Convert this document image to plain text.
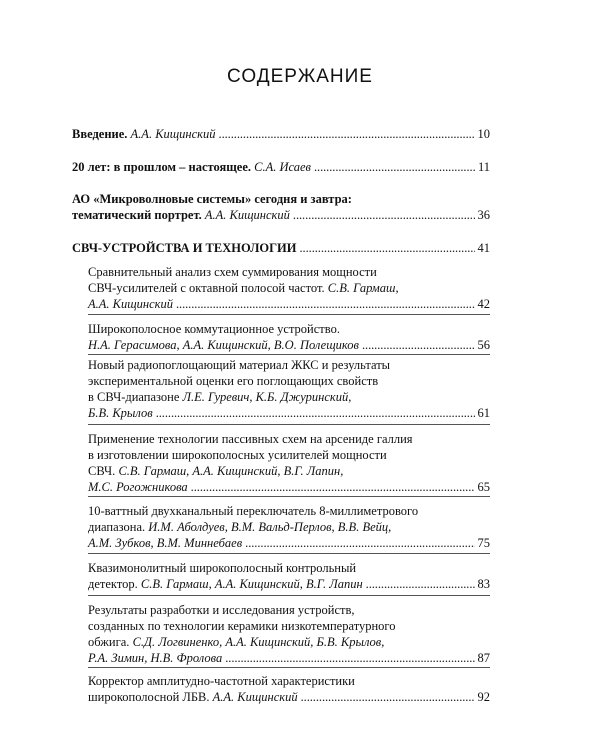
СОДЕРЖАНИЕ
Введение.
А.А. Кищинский . . .	10
20 лет: в прошлом – настоящее.
С.А. Исаев . . .	11
АО «Микроволновые системы» сегодня и завтра:
тематический портрет.
А.А. Кищинский . . .	36
СВЧ-УСТРОЙСТВА И ТЕХНОЛОГИИ . . .	41
Сравнительный анализ схем суммирования мощности
СВЧ-усилителей с октавной полосой частот. С.В. Гармаш,
А.А. Кищинский . . .	42
Широкополосное коммутационное устройство.
Н.А. Герасимова, А.А. Кищинский, В.О. Полещиков . . .	56
Новый радиопоглощающий материал ЖКС и результаты
экспериментальной оценки его поглощающих свойств
в СВЧ-диапазоне Л.Е. Гуревич, К.Б. Джуринский,
Б.В. Крылов . . .	61
Применение технологии пассивных схем на арсениде галлия
в изготовлении широкополосных усилителей мощности
СВЧ. С.В. Гармаш, А.А. Кищинский, В.Г. Лапин,
М.С. Рогожникова . . .	65
10-ваттный двухканальный переключатель 8-миллиметрового
диапазона. И.М. Аболдуев, В.М. Вальд-Перлов, В.В. Вейц,
А.М. Зубков, В.М. Миннебаев . . .	75
Квазимонолитный широкополосный контрольный
детектор.
С.В. Гармаш, А.А. Кищинский, В.Г. Лапин . . .	83
Результаты разработки и исследования устройств,
созданных по технологии керамики низкотемпературного
обжига. С.Д. Логвиненко, А.А. Кищинский, Б.В. Крылов,
Р.А. Зимин, Н.В. Фролова . . .	87
Корректор амплитудно-частотной характеристики
широкополосной ЛБВ.
А.А. Кищинский . . .	92
